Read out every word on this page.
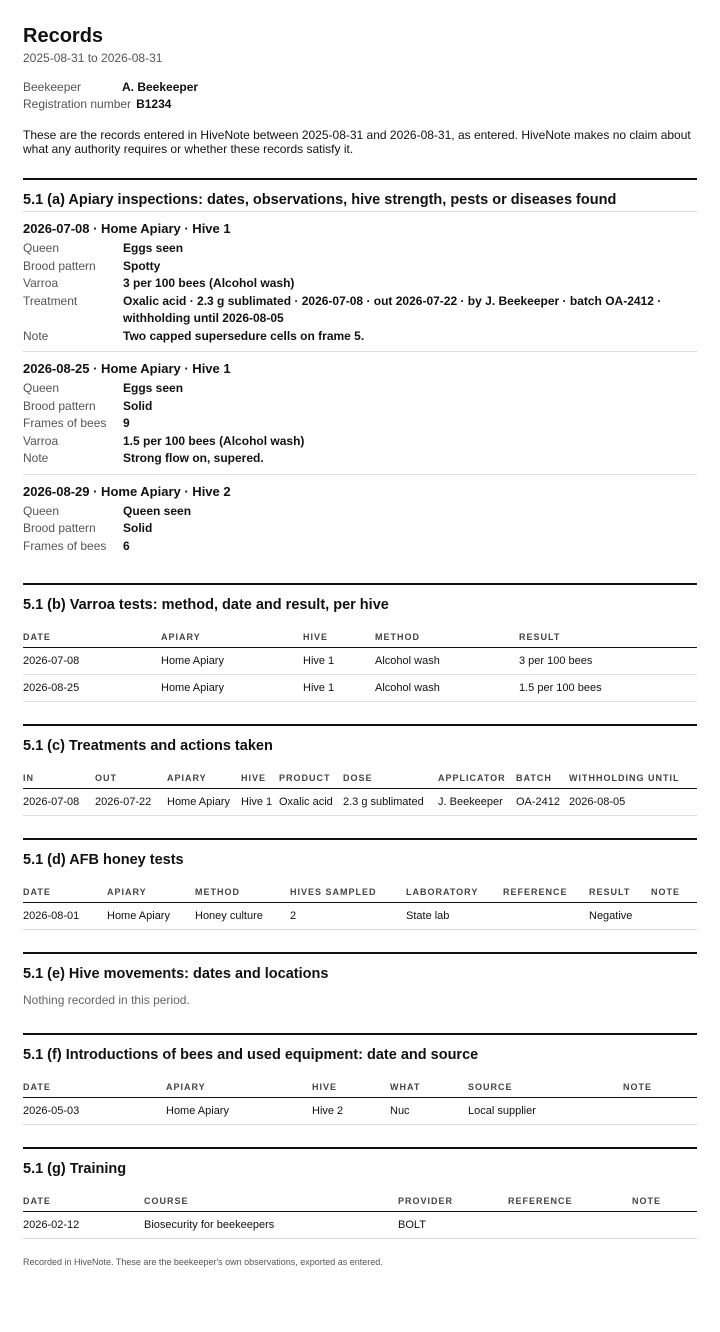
Records
2025-08-31 to 2026-08-31
Beekeeper	A. Beekeeper
Registration number B1234

These are the records entered in HiveNote between 2025-08-31 and 2026-08-31, as entered. HiveNote makes no claim about what any authority requires or whether these records satisfy it.

5.1 (a) Apiary inspections: dates, observations, hive strength, pests or diseases found
2026-07-08 · Home Apiary · Hive 1
Queen	Eggs seen
Brood pattern	Spotty
Varroa	3 per 100 bees (Alcohol wash)
Treatment	Oxalic acid · 2.3 g sublimated · 2026-07-08 · out 2026-07-22 · by J. Beekeeper · batch OA-2412 · withholding until 2026-08-05
Note	Two capped supersedure cells on frame 5.
2026-08-25 · Home Apiary · Hive 1
Queen	Eggs seen
Brood pattern	Solid
Frames of bees	9
Varroa	1.5 per 100 bees (Alcohol wash)
Note	Strong flow on, supered.
2026-08-29 · Home Apiary · Hive 2
Queen	Queen seen
Brood pattern	Solid
Frames of bees	6
5.1 (b) Varroa tests: method, date and result, per hive
DATE	APIARY	HIVE	METHOD	RESULT
2026-07-08	Home Apiary	Hive 1	Alcohol wash	3 per 100 bees
2026-08-25	Home Apiary	Hive 1	Alcohol wash	1.5 per 100 bees
5.1 (c) Treatments and actions taken
IN	OUT	APIARY	HIVE	PRODUCT	DOSE	APPLICATOR	BATCH	WITHHOLDING UNTIL
2026-07-08	2026-07-22	Home Apiary	Hive 1	Oxalic acid	2.3 g sublimated	J. Beekeeper	OA-2412	2026-08-05
5.1 (d) AFB honey tests
DATE	APIARY	METHOD	HIVES SAMPLED	LABORATORY	REFERENCE	RESULT	NOTE
2026-08-01	Home Apiary	Honey culture	2	State lab		Negative	
5.1 (e) Hive movements: dates and locations
Nothing recorded in this period.
5.1 (f) Introductions of bees and used equipment: date and source
DATE	APIARY	HIVE	WHAT	SOURCE	NOTE
2026-05-03	Home Apiary	Hive 2	Nuc	Local supplier	
5.1 (g) Training
DATE	COURSE	PROVIDER	REFERENCE	NOTE
2026-02-12	Biosecurity for beekeepers	BOLT		
Recorded in HiveNote. These are the beekeeper's own observations, exported as entered.
